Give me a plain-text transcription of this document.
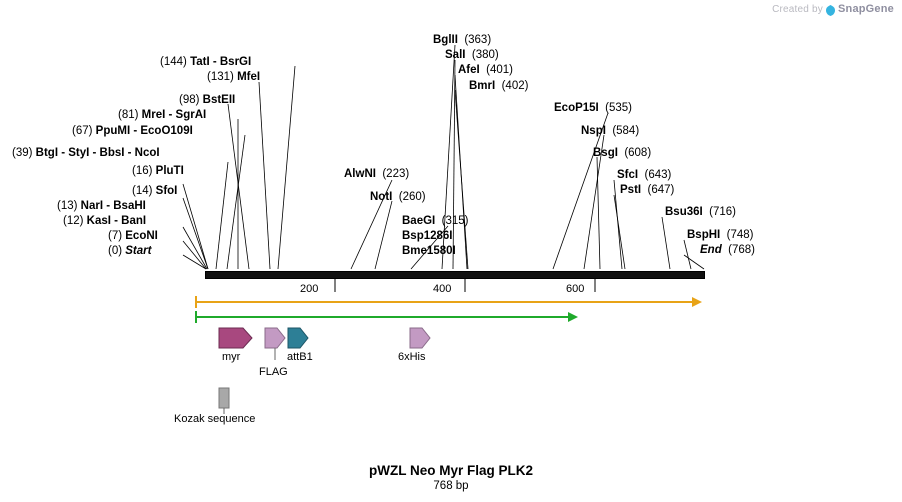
Created by SnapGene
(144) TatI - BsrGI
(131) MfeI
(98) BstEII
(81) MreI - SgrAI
(67) PpuMI - EcoO109I
(39) BtgI - StyI - BbsI - NcoI
(16) PluTI
(14) SfoI
(13) NarI - BsaHI
(12) KasI - BanI
(7) EcoNI
(0) Start
AlwNI (223)
NotI (260)
BaeGI (315)
Bsp1286I
Bme1580I
BglII (363)
SalI (380)
AfeI (401)
BmrI (402)
EcoP15I (535)
NspI (584)
BsgI (608)
SfcI (643)
PstI (647)
Bsu36I (716)
BspHI (748)
End (768)
200	400	600
myr
FLAG
attB1	6xHis
Kozak sequence
pWZL Neo Myr Flag PLK2
768 bp
